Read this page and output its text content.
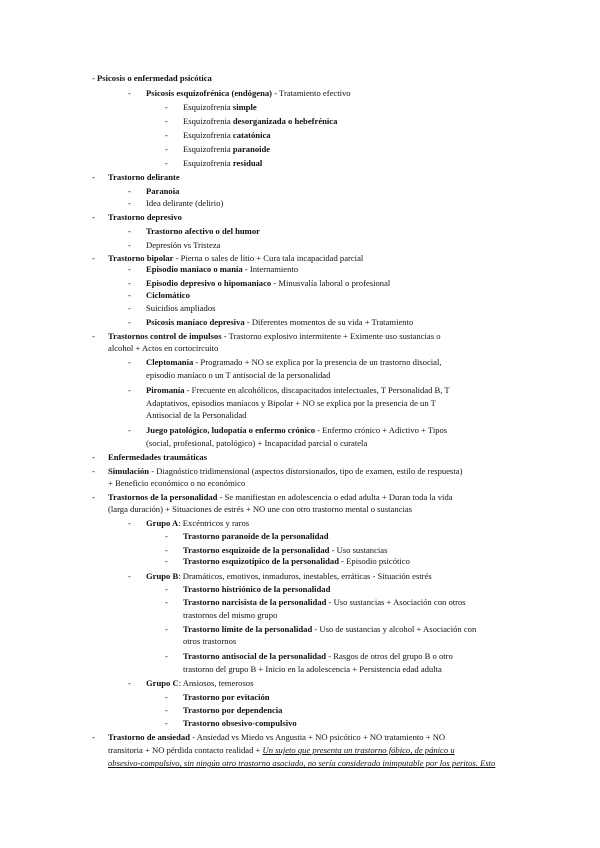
- Psicosis o enfermedad psicótica
- Psicosis esquizofrénica (endógena) - Tratamiento efectivo
- Esquizofrenia simple
- Esquizofrenia desorganizada o hebefrénica
- Esquizofrenia catatónica
- Esquizofrenia paranoide
- Esquizofrenia residual
- Trastorno delirante
- Paranoia
- Idea delirante (delirio)
- Trastorno depresivo
- Trastorno afectivo o del humor
- Depresión vs Tristeza
- Trastorno bipolar - Pierna o sales de litio + Cura tala incapacidad parcial
- Episodio maníaco o manía - Internamiento
- Episodio depresivo o hipomaniaco - Minusvalía laboral o profesional
- Ciclomático
- Suicidios ampliados
- Psicosis maníaco depresiva - Diferentes momentos de su vida + Tratamiento
- Trastornos control de impulsos - Trastorno explosivo intermitente + Eximente uso sustancias o
alcohol + Actos en cortocircuito
- Cleptomanía - Programado + NO se explica por la presencia de un trastorno disocial,
episodio maníaco o un T antisocial de la personalidad
- Piromanía - Frecuente en alcohólicos, discapacitados intelectuales, T Personalidad B, T
Adaptativos, episodios maníacos y Bipolar + NO se explica por la presencia de un T
Antisocial de la Personalidad
- Juego patológico, ludopatía o enfermo crónico - Enfermo crónico + Adictivo + Tipos
(social, profesional, patológico) + Incapacidad parcial o curatela
- Enfermedades traumáticas
- Simulación - Diagnóstico tridimensional (aspectos distorsionados, tipo de examen, estilo de respuesta)
+ Beneficio económico o no económico
- Trastornos de la personalidad - Se manifiestan en adolescencia o edad adulta + Duran toda la vida
(larga duración) + Situaciones de estrés + NO une con otro trastorno mental o sustancias
- Grupo A: Excéntricos y raros
- Trastorno paranoide de la personalidad
- Trastorno esquizoide de la personalidad - Uso sustancias
- Trastorno esquizotípico de la personalidad - Episodio psicótico
- Grupo B: Dramáticos, emotivos, inmaduros, inestables, erráticas - Situación estrés
- Trastorno histriónico de la personalidad
- Trastorno narcisista de la personalidad - Uso sustancias + Asociación con otros
trastornos del mismo grupo
- Trastorno límite de la personalidad - Uso de sustancias y alcohol + Asociación con
otros trastornos
- Trastorno antisocial de la personalidad - Rasgos de otros del grupo B o otro
trastorno del grupo B + Inicio en la adolescencia + Persistencia edad adulta
- Grupo C: Ansiosos, temerosos
- Trastorno por evitación
- Trastorno por dependencia
- Trastorno obsesivo-compulsivo
- Trastorno de ansiedad - Ansiedad vs Miedo vs Angustia + NO psicótico + NO tratamiento + NO
transitoria + NO pérdida contacto realidad + Un sujeto que presenta un trastorno fóbico, de pánico u
obsesivo-compulsivo, sin ningún otro trastorno asociado, no sería considerado inimputable por los peritos. Esto
